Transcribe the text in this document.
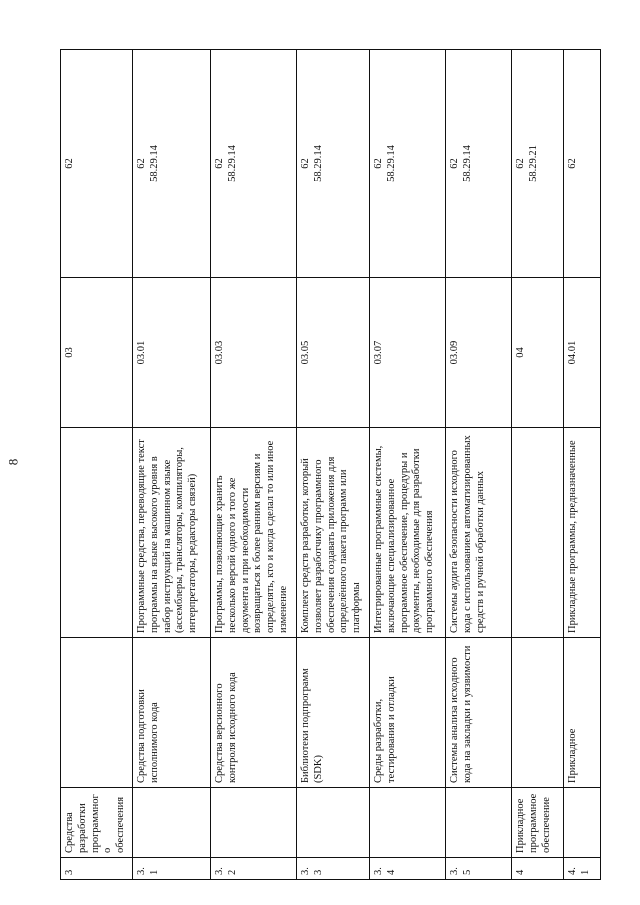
8
3	Средства разработки программного обеспечения			03	62

3.1		Средства подготовки исполнимого кода	Программные средства, переводящие текст программы на языке высокого уровня в набор инструкций на машинном языке (ассемблеры, трансляторы, компиляторы, интерпретаторы, редакторы связей)	03.01	62 58.29.14

3.2		Средства версионного контроля исходного кода	Программы, позволяющие хранить несколько версий одного и того же документа и при необходимости возвращаться к более ранним версиям и определять, кто и когда сделал то или иное изменение	03.03	62 58.29.14

3.3		Библиотеки подпрограмм (SDK)	Комплект средств разработки, который позволяет разработчику программного обеспечения создавать приложения для определённого пакета программ или платформы	03.05	62 58.29.14

3.4		Среды разработки, тестирования и отладки	Интегрированные программные системы, включающие специализированное программное обеспечение, процедуры и документы, необходимые для разработки программного обеспечения	03.07	62 58.29.14

3.5		Системы анализа исходного кода на закладки и уязвимости	Системы аудита безопасности исходного кода с использованием автоматизированных средств и ручной обработки данных	03.09	62 58.29.14

4	Прикладное программное обеспечение			04	62 58.29.21

4.1		Прикладное	Прикладные программы, предназначенные	04.01	62
